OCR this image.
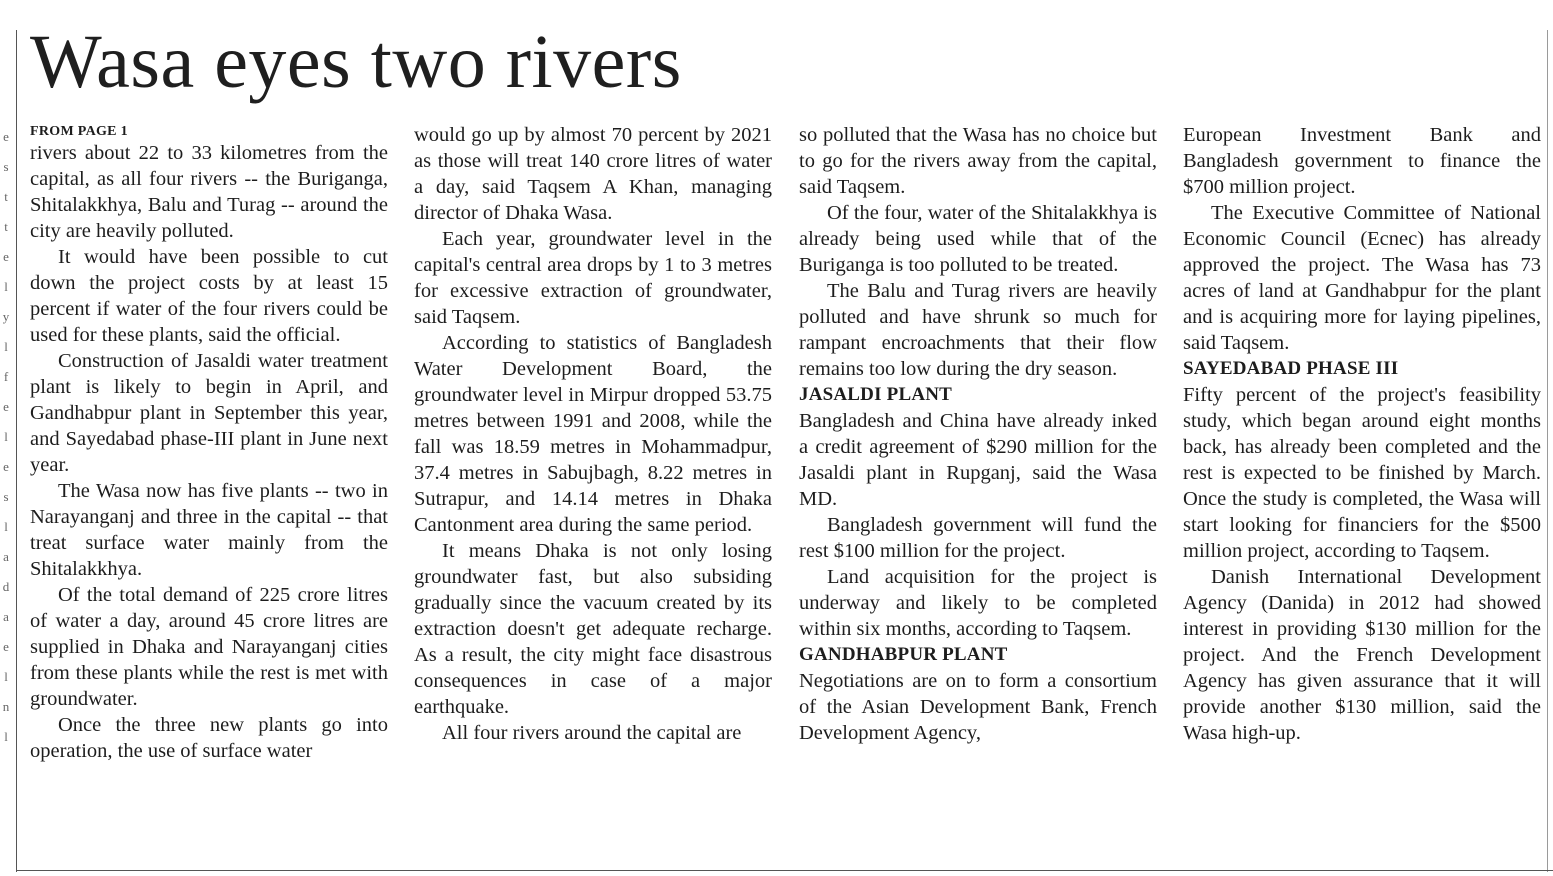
e
s
t
t
e
l
y
l
f
e
l
e
s
l
a
d
a
e
l
n
l
Wasa eyes two rivers
FROM PAGE 1

rivers about 22 to 33 kilometres from the capital, as all four rivers -- the Buriganga, Shitalakkhya, Balu and Turag -- around the city are heavily polluted.

It would have been possible to cut down the project costs by at least 15 percent if water of the four rivers could be used for these plants, said the official.

Construction of Jasaldi water treatment plant is likely to begin in April, and Gandhabpur plant in September this year, and Sayedabad phase-III plant in June next year.

The Wasa now has five plants -- two in Narayanganj and three in the capital -- that treat surface water mainly from the Shitalakkhya.

Of the total demand of 225 crore litres of water a day, around 45 crore litres are supplied in Dhaka and Narayanganj cities from these plants while the rest is met with groundwater.

Once the three new plants go into operation, the use of surface water

would go up by almost 70 percent by 2021 as those will treat 140 crore litres of water a day, said Taqsem A Khan, managing director of Dhaka Wasa.

Each year, groundwater level in the capital's central area drops by 1 to 3 metres for excessive extraction of groundwater, said Taqsem.

According to statistics of Bangladesh Water Development Board, the groundwater level in Mirpur dropped 53.75 metres between 1991 and 2008, while the fall was 18.59 metres in Mohammadpur, 37.4 metres in Sabujbagh, 8.22 metres in Sutrapur, and 14.14 metres in Dhaka Cantonment area during the same period.

It means Dhaka is not only losing groundwater fast, but also subsiding gradually since the vacuum created by its extraction doesn't get adequate recharge. As a result, the city might face disastrous consequences in case of a major earthquake.

All four rivers around the capital are

so polluted that the Wasa has no choice but to go for the rivers away from the capital, said Taqsem.

Of the four, water of the Shitalakkhya is already being used while that of the Buriganga is too polluted to be treated.

The Balu and Turag rivers are heavily polluted and have shrunk so much for rampant encroachments that their flow remains too low during the dry season.

JASALDI PLANT

Bangladesh and China have already inked a credit agreement of $290 million for the Jasaldi plant in Rupganj, said the Wasa MD.

Bangladesh government will fund the rest $100 million for the project.

Land acquisition for the project is underway and likely to be completed within six months, according to Taqsem.

GANDHABPUR PLANT

Negotiations are on to form a consortium of the Asian Development Bank, French Development Agency,

European Investment Bank and Bangladesh government to finance the $700 million project.

The Executive Committee of National Economic Council (Ecnec) has already approved the project. The Wasa has 73 acres of land at Gandhabpur for the plant and is acquiring more for laying pipelines, said Taqsem.

SAYEDABAD PHASE III

Fifty percent of the project's feasibility study, which began around eight months back, has already been completed and the rest is expected to be finished by March. Once the study is completed, the Wasa will start looking for financiers for the $500 million project, according to Taqsem.

Danish International Development Agency (Danida) in 2012 had showed interest in providing $130 million for the project. And the French Development Agency has given assurance that it will provide another $130 million, said the Wasa high-up.
